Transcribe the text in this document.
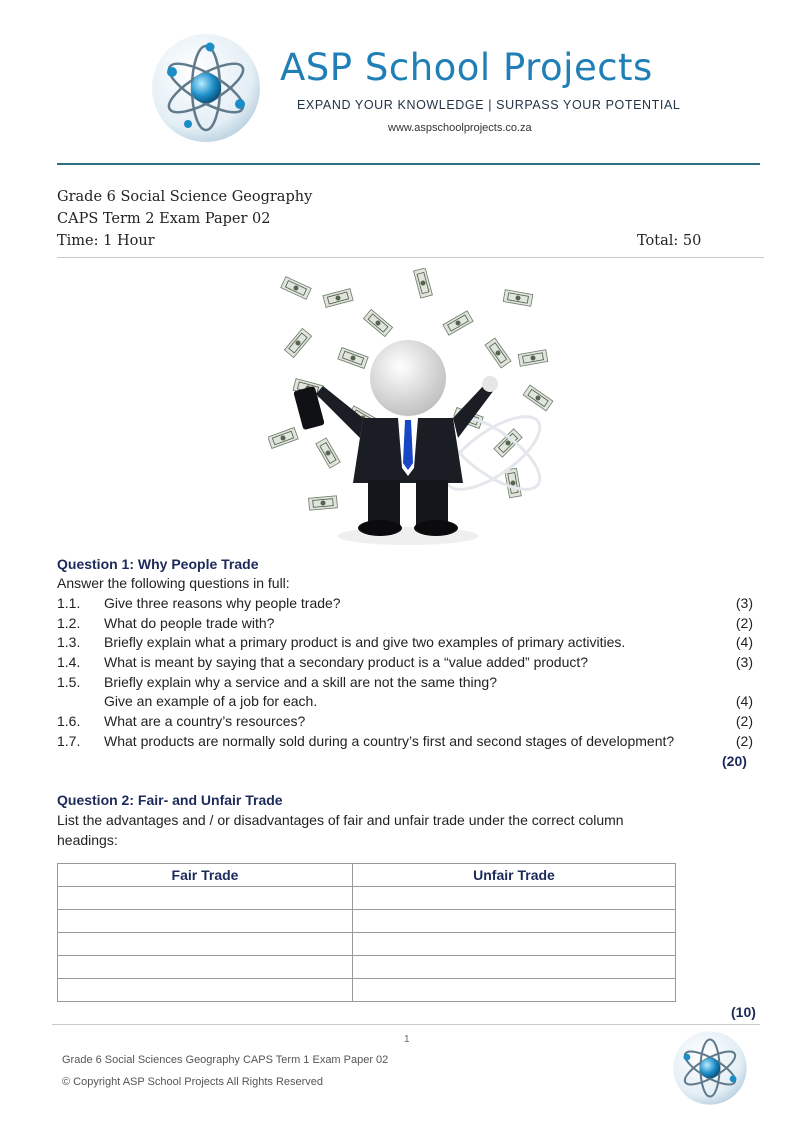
ASP School Projects
EXPAND YOUR KNOWLEDGE | SURPASS YOUR POTENTIAL
www.aspschoolprojects.co.za
Grade 6 Social Science Geography
CAPS Term 2 Exam Paper 02
Time: 1 Hour	Total: 50
Question 1: Why People Trade
Answer the following questions in full:
1.1. Give three reasons why people trade?	(3)
1.2. What do people trade with?	(2)
1.3. Briefly explain what a primary product is and give two examples of primary activities.	(4)
1.4. What is meant by saying that a secondary product is a “value added” product?	(3)
1.5. Briefly explain why a service and a skill are not the same thing?
Give an example of a job for each.	(4)
1.6. What are a country’s resources?	(2)
1.7. What products are normally sold during a country’s first and second stages of development?	(2)
(20)
Question 2: Fair- and Unfair Trade
List the advantages and / or disadvantages of fair and unfair trade under the correct column
headings:
Fair Trade	Unfair Trade

(10)
1
Grade 6 Social Sciences Geography CAPS Term 1 Exam Paper 02
© Copyright ASP School Projects All Rights Reserved
